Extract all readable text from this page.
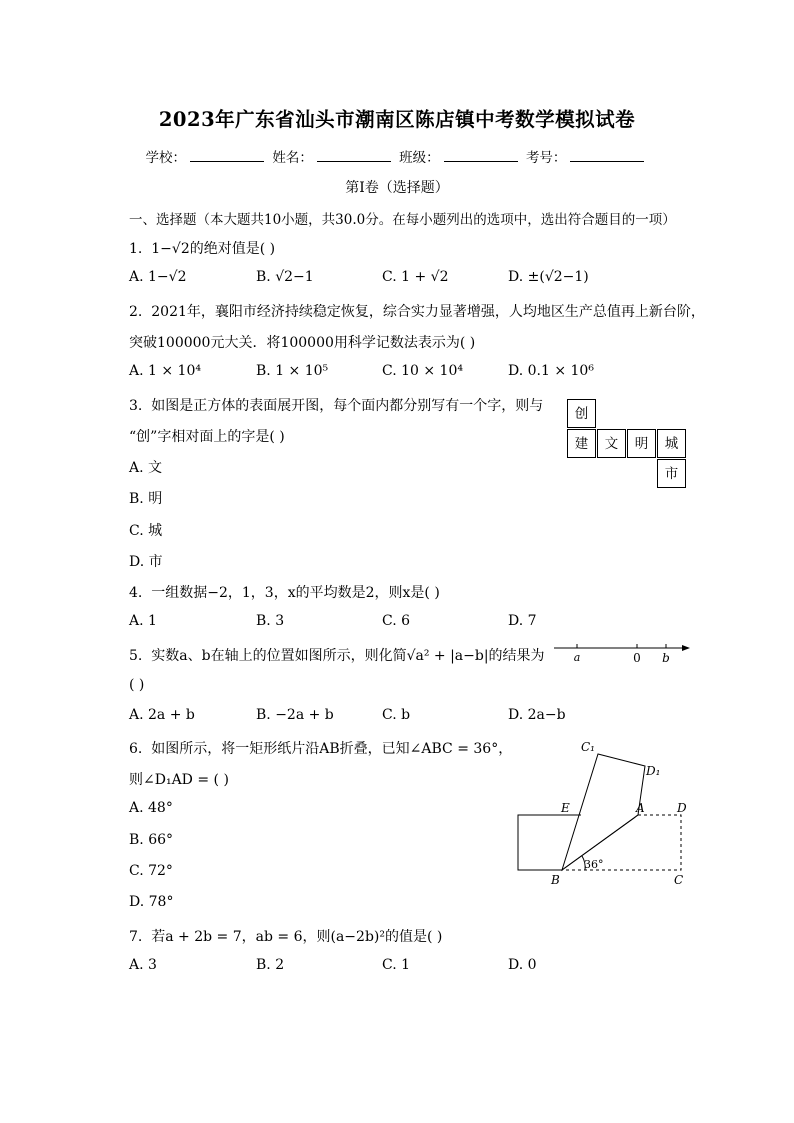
2023年广东省汕头市潮南区陈店镇中考数学模拟试卷
学校：	姓名：	班级：	考号：
第Ⅰ卷（选择题）
一、选择题（本大题共10小题，共30.0分。在每小题列出的选项中，选出符合题目的一项）
1. 1−√2的绝对值是( )
A. 1−√2	B. √2−1	C. 1 + √2	D. ±(√2−1)
2. 2021年，襄阳市经济持续稳定恢复，综合实力显著增强，人均地区生产总值再上新台阶，
突破100000元大关．将100000用科学记数法表示为( )
A. 1 × 10⁴	B. 1 × 10⁵	C. 10 × 10⁴	D. 0.1 × 10⁶
3. 如图是正方体的表面展开图，每个面内都分别写有一个字，则与
“创”字相对面上的字是( )
A. 文
B. 明
C. 城
D. 市
创
建	文	明	城
市
4. 一组数据−2，1，3，x的平均数是2，则x是( )
A. 1	B. 3	C. 6	D. 7
5. 实数a、b在轴上的位置如图所示，则化简√a² + |a−b|的结果为
( )
A. 2a + b	B. −2a + b	C. b	D. 2a−b
a	0 b
6. 如图所示，将一矩形纸片沿AB折叠，已知∠ABC = 36°，
则∠D₁AD = ( )
A. 48°
B. 66°
C. 72°
D. 78°
C₁
D₁
E	A	D
B	C
36°
7. 若a + 2b = 7，ab = 6，则(a−2b)²的值是( )
A. 3	B. 2	C. 1	D. 0
